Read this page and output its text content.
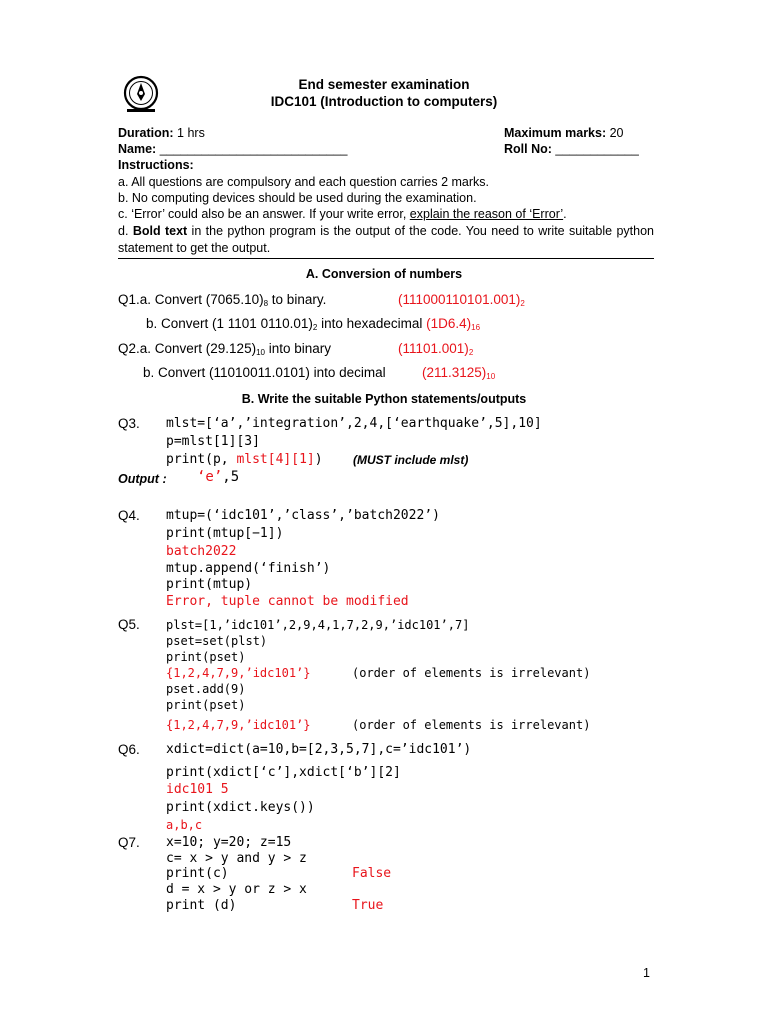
End semester examination
IDC101 (Introduction to computers)
Duration: 1 hrs	Maximum marks: 20
Name: ___________________________	Roll No: ____________
Instructions:
a. All questions are compulsory and each question carries 2 marks.
b. No computing devices should be used during the examination.
c. ‘Error’ could also be an answer. If your write error, explain the reason of ‘Error’.
d. Bold text in the python program is the output of the code. You need to write suitable python statement to get the output.
A. Conversion of numbers
Q1.a. Convert $(7065.10)_8$ to binary.	$(111000110101.001)_2$
b. Convert (1 1101 $0110.01)_2$ into hexadecimal $(1D6.4)_{16}$
Q2.a. Convert $(29.125)_{10}$ into binary	$(11101.001)_2$
b. Convert (11010011.0101) into decimal	$(211.3125)_{10}$
B. Write the suitable Python statements/outputs
Q3. mlst=[‘a’,’integration’,2,4,[‘earthquake’,5],10]
p=mlst[1][3]
print(p, mlst[4][1])	(MUST include mlst)
Output : ‘e’,5
Q4. mtup=(‘idc101’,’class’,’batch2022’)
print(mtup[−1])
batch2022
mtup.append(‘finish’)
print(mtup)
Error, tuple cannot be modified
Q5. plst=[1,’idc101’,2,9,4,1,7,2,9,’idc101’,7]
pset=set(plst)
print(pset)
{1,2,4,7,9,’idc101’}	(order of elements is irrelevant)
pset.add(9)
print(pset)
{1,2,4,7,9,’idc101’}	(order of elements is irrelevant)
Q6. xdict=dict(a=10,b=[2,3,5,7],c=’idc101’)
print(xdict[‘c’],xdict[‘b’][2]
idc101 5
print(xdict.keys())
a,b,c
Q7. x=10; y=20; z=15
c= x > y and y > z
print(c)	False
d = x > y or z > x
print (d)	True
1
